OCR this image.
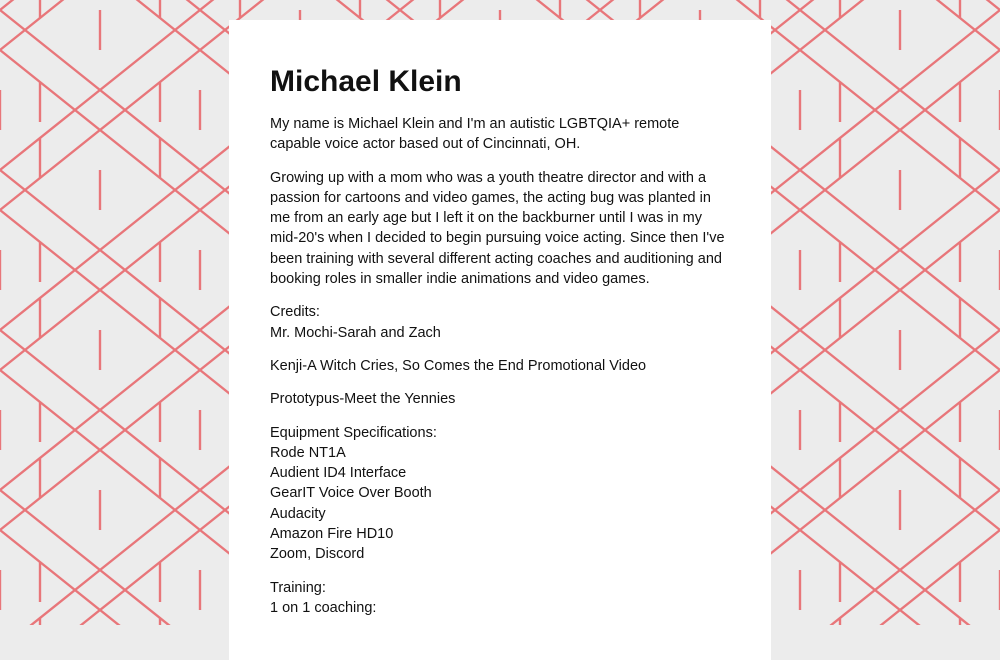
Michael Klein

My name is Michael Klein and I'm an autistic LGBTQIA+ remote capable voice actor based out of Cincinnati, OH.

Growing up with a mom who was a youth theatre director and with a passion for cartoons and video games, the acting bug was planted in me from an early age but I left it on the backburner until I was in my mid-20's when I decided to begin pursuing voice acting. Since then I've been training with several different acting coaches and auditioning and booking roles in smaller indie animations and video games.

Credits:
Mr. Mochi-Sarah and Zach

Kenji-A Witch Cries, So Comes the End Promotional Video

Prototypus-Meet the Yennies

Equipment Specifications:
Rode NT1A
Audient ID4 Interface
GearIT Voice Over Booth
Audacity
Amazon Fire HD10
Zoom, Discord

Training:
1 on 1 coaching:
